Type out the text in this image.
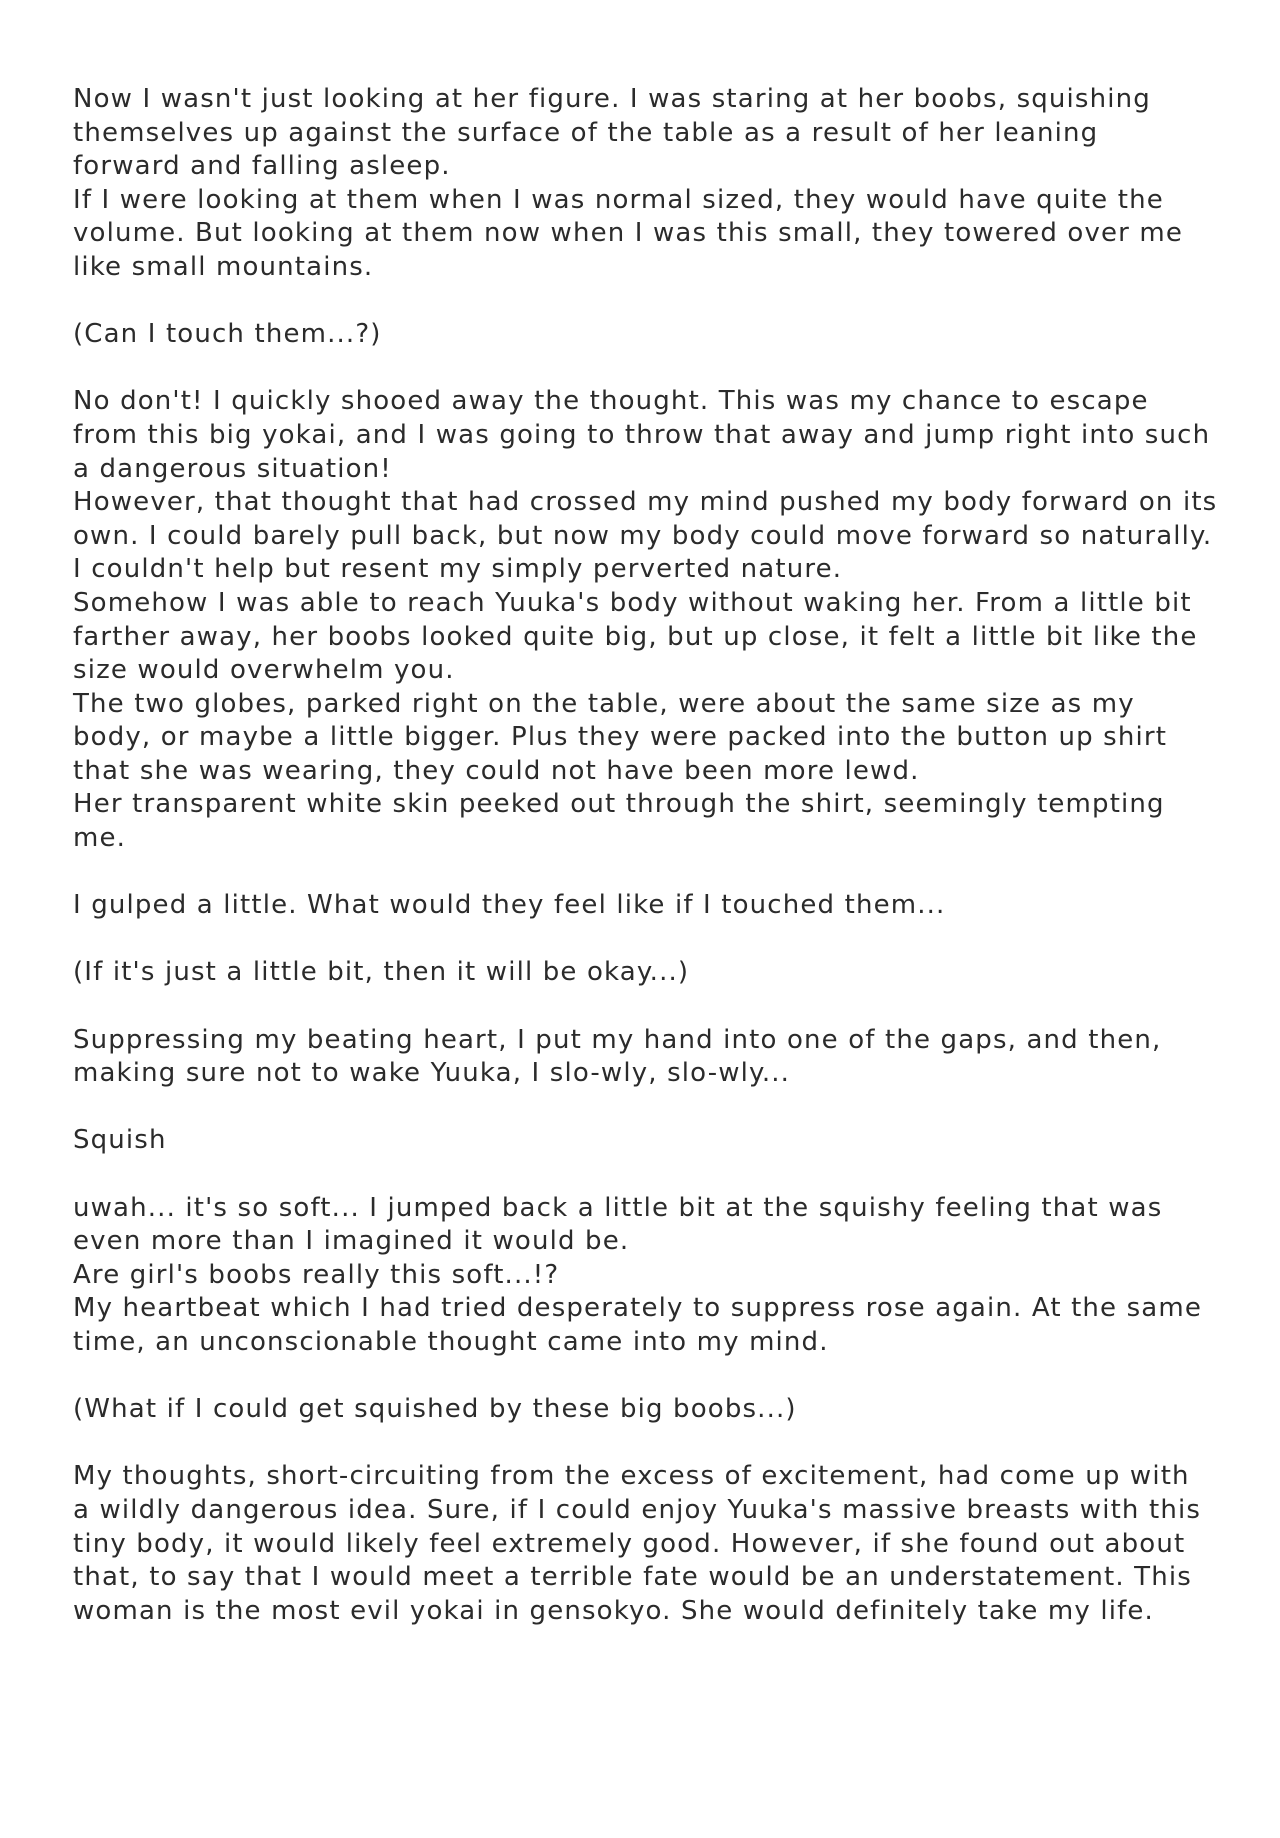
Now I wasn't just looking at her figure. I was staring at her boobs, squishing
themselves up against the surface of the table as a result of her leaning
forward and falling asleep.
If I were looking at them when I was normal sized, they would have quite the
volume. But looking at them now when I was this small, they towered over me
like small mountains.
(Can I touch them...?)
No don't! I quickly shooed away the thought. This was my chance to escape
from this big yokai, and I was going to throw that away and jump right into such
a dangerous situation!
However, that thought that had crossed my mind pushed my body forward on its
own. I could barely pull back, but now my body could move forward so naturally.
I couldn't help but resent my simply perverted nature.
Somehow I was able to reach Yuuka's body without waking her. From a little bit
farther away, her boobs looked quite big, but up close, it felt a little bit like the
size would overwhelm you.
The two globes, parked right on the table, were about the same size as my
body, or maybe a little bigger. Plus they were packed into the button up shirt
that she was wearing, they could not have been more lewd.
Her transparent white skin peeked out through the shirt, seemingly tempting
me.
I gulped a little. What would they feel like if I touched them...
(If it's just a little bit, then it will be okay...)
Suppressing my beating heart, I put my hand into one of the gaps, and then,
making sure not to wake Yuuka, I slo-wly, slo-wly...
Squish
uwah... it's so soft... I jumped back a little bit at the squishy feeling that was
even more than I imagined it would be.
Are girl's boobs really this soft...!?
My heartbeat which I had tried desperately to suppress rose again. At the same
time, an unconscionable thought came into my mind.
(What if I could get squished by these big boobs...)
My thoughts, short-circuiting from the excess of excitement, had come up with
a wildly dangerous idea. Sure, if I could enjoy Yuuka's massive breasts with this
tiny body, it would likely feel extremely good. However, if she found out about
that, to say that I would meet a terrible fate would be an understatement. This
woman is the most evil yokai in gensokyo. She would definitely take my life.
